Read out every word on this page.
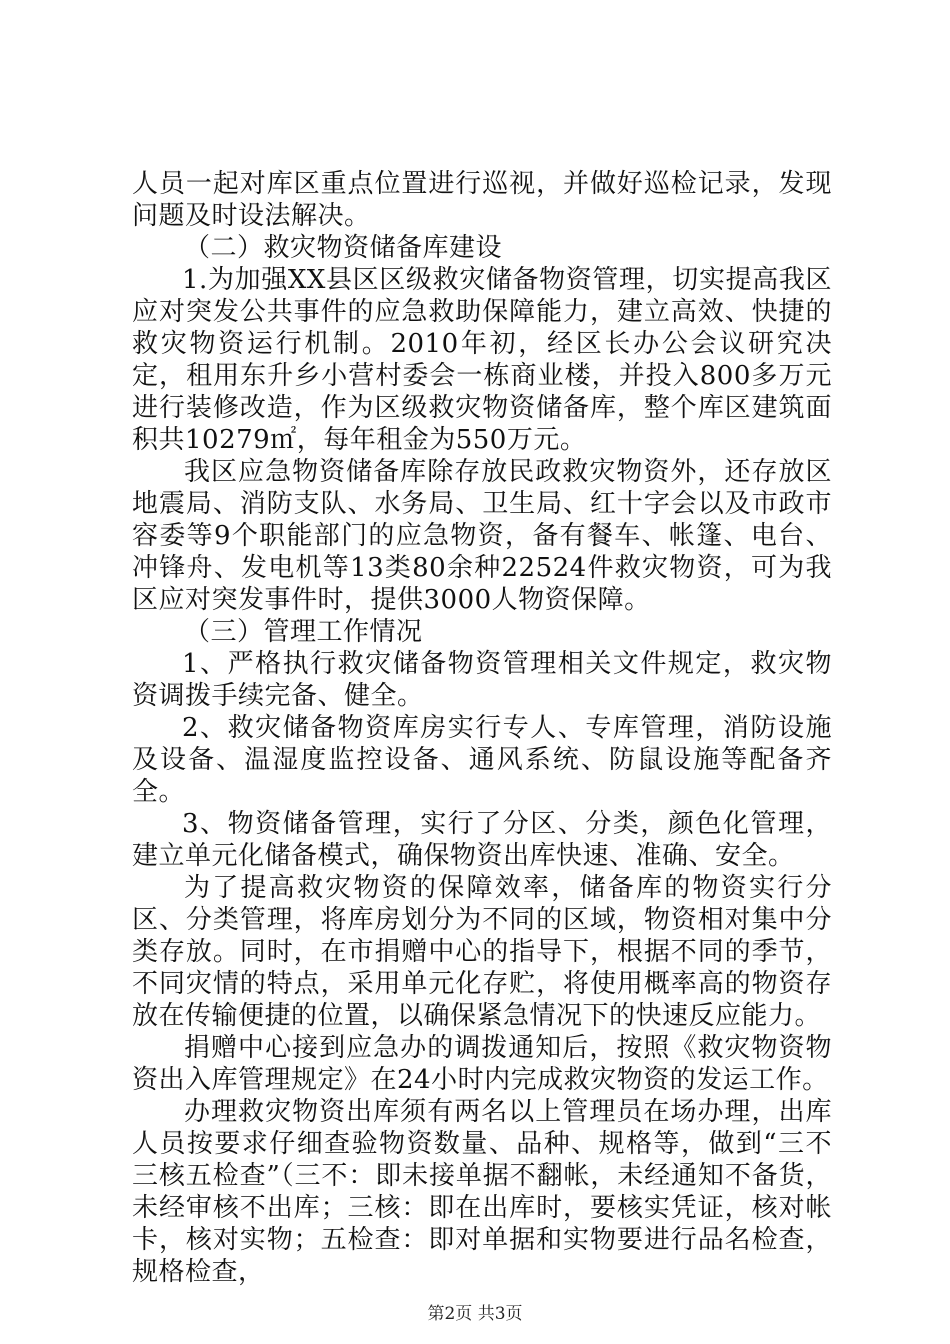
人员一起对库区重点位置进行巡视，并做好巡检记录，发现问题及时设法解决。

（二）救灾物资储备库建设

1.为加强XX县区区级救灾储备物资管理，切实提高我区应对突发公共事件的应急救助保障能力，建立高效、快捷的救灾物资运行机制。2010年初，经区长办公会议研究决定，租用东升乡小营村委会一栋商业楼，并投入800多万元进行装修改造，作为区级救灾物资储备库，整个库区建筑面积共10279㎡，每年租金为550万元。

我区应急物资储备库除存放民政救灾物资外，还存放区地震局、消防支队、水务局、卫生局、红十字会以及市政市容委等9个职能部门的应急物资，备有餐车、帐篷、电台、冲锋舟、发电机等13类80余种22524件救灾物资，可为我区应对突发事件时，提供3000人物资保障。

（三）管理工作情况

1、严格执行救灾储备物资管理相关文件规定，救灾物资调拨手续完备、健全。

2、救灾储备物资库房实行专人、专库管理，消防设施及设备、温湿度监控设备、通风系统、防鼠设施等配备齐全。

3、物资储备管理，实行了分区、分类，颜色化管理，建立单元化储备模式，确保物资出库快速、准确、安全。

为了提高救灾物资的保障效率，储备库的物资实行分区、分类管理，将库房划分为不同的区域，物资相对集中分类存放。同时，在市捐赠中心的指导下，根据不同的季节，不同灾情的特点，采用单元化存贮，将使用概率高的物资存放在传输便捷的位置，以确保紧急情况下的快速反应能力。

捐赠中心接到应急办的调拨通知后，按照《救灾物资物资出入库管理规定》在24小时内完成救灾物资的发运工作。

办理救灾物资出库须有两名以上管理员在场办理，出库人员按要求仔细查验物资数量、品种、规格等，做到“三不三核五检查”（三不：即未接单据不翻帐，未经通知不备货，未经审核不出库；三核：即在出库时，要核实凭证，核对帐卡，核对实物；五检查：即对单据和实物要进行品名检查，规格检查，

第2页 共3页
